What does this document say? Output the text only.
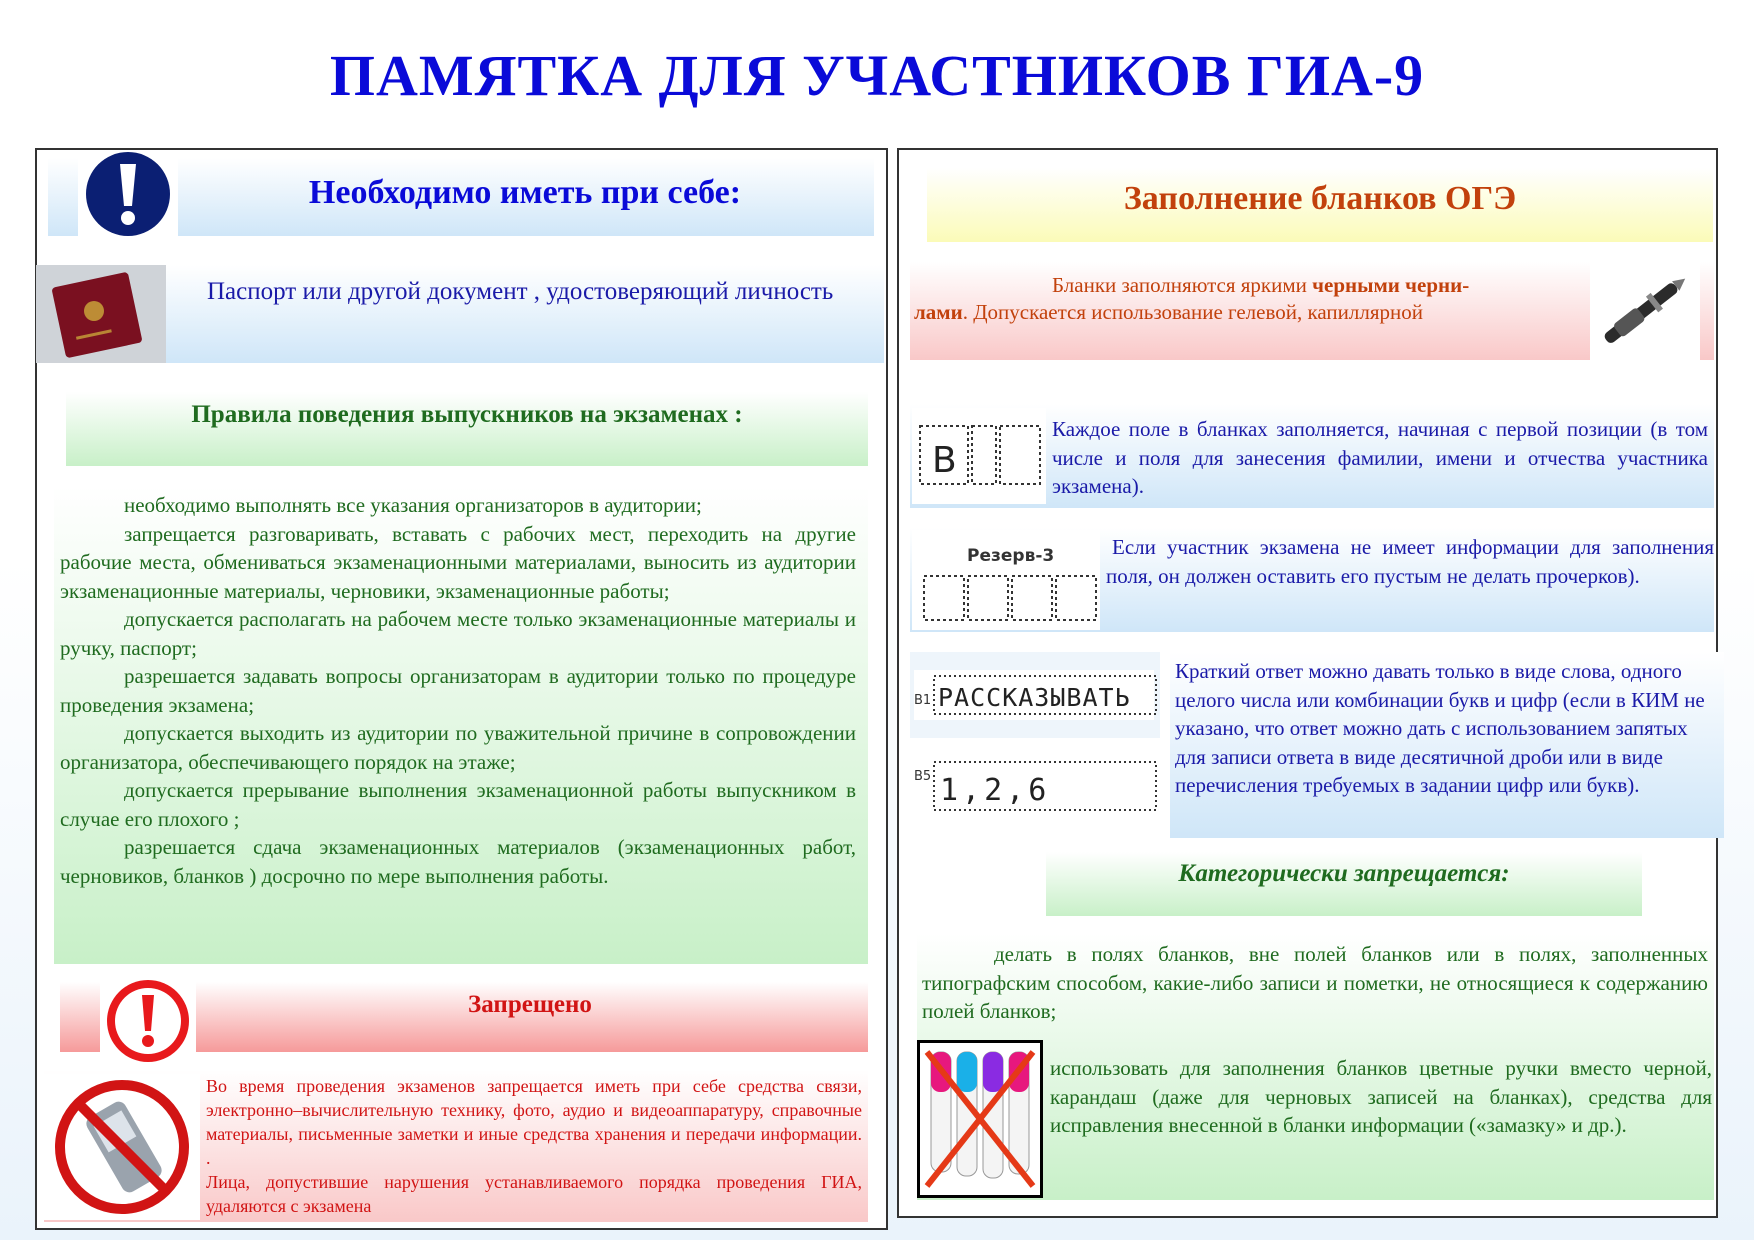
ПАМЯТКА ДЛЯ УЧАСТНИКОВ ГИА-9
Необходимо иметь при себе:
Паспорт или другой документ , удостоверяющий личность
Правила поведения выпускников на экзаменах :

необходимо выполнять все указания организаторов в аудитории;

запрещается разговаривать, вставать с рабочих мест, переходить на другие рабочие места, обмениваться экзаменационными материалами, выносить из аудитории экзаменационные материалы, черновики, экзаменационные работы;

допускается располагать на рабочем месте только экзаменационные материалы и ручку, паспорт;

разрешается задавать вопросы организаторам в аудитории только по процедуре проведения экзамена;

допускается выходить из аудитории по уважительной причине в сопровождении организатора, обеспечивающего порядок на этаже;

допускается прерывание выполнения экзаменационной работы выпускником в случае его плохого ;

разрешается сдача экзаменационных материалов (экзаменационных работ, черновиков, бланков ) досрочно по мере выполнения работы.

Запрещено
Во время проведения экзаменов запрещается иметь при себе средства связи, электронно–вычислительную технику, фото, аудио и видеоаппаратуру, справочные материалы, письменные заметки и иные средства хранения и передачи информации. .
Лица, допустившие нарушения устанавливаемого порядка проведения ГИА, удаляются с экзамена
Заполнение бланков ОГЭ
Бланки заполняются яркими черными черни-
лами. Допускается использование гелевой, капиллярной
В
Каждое поле в бланках заполняется, начиная с первой позиции (в том числе и поля для занесения фамилии, имени и отчества участника экзамена).
Резерв-3	Если участник экзамена не имеет информации для заполнения поля, он должен оставить его пустым не делать прочерков).
В1 РАССКАЗЫВАТЬ
В5 1,2,6
Краткий ответ можно давать только в виде слова, одного целого числа или комбинации букв и цифр (если в КИМ не указано, что ответ можно дать с использованием запятых для записи ответа в виде десятичной дроби или в виде перечисления требуемых в задании цифр или букв).
Категорически запрещается:
делать в полях бланков, вне полей бланков или в полях, заполненных типографским способом, какие-либо записи и пометки, не относящиеся к содержанию полей бланков;
использовать для заполнения бланков цветные ручки вместо черной, карандаш (даже для черновых записей на бланках), средства для исправления внесенной в бланки информации («замазку» и др.).
